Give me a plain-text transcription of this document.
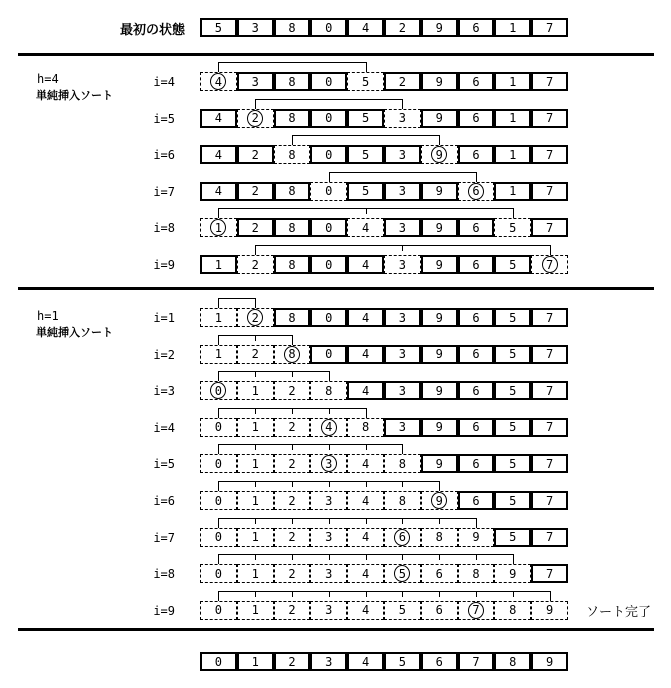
最初の状態
h=4
単純挿入ソート
h=1
単純挿入ソート
ソート完了
5	3	8	0	4	2	9	6	1	7
i=4	4	3	8	0	5	2	9	6	1	7
i=5	4	2	8	0	5	3	9	6	1	7
i=6	4	2	8	0	5	3	9	6	1	7
i=7	4	2	8	0	5	3	9	6	1	7
i=8	1	2	8	0	4	3	9	6	5	7
i=9	1	2	8	0	4	3	9	6	5	7
i=1	1	2	8	0	4	3	9	6	5	7
i=2	1	2	8	0	4	3	9	6	5	7
i=3	0	1	2	8	4	3	9	6	5	7
i=4	0	1	2	4	8	3	9	6	5	7
i=5	0	1	2	3	4	8	9	6	5	7
i=6	0	1	2	3	4	8	9	6	5	7
i=7	0	1	2	3	4	6	8	9	5	7
i=8	0	1	2	3	4	5	6	8	9	7
i=9	0	1	2	3	4	5	6	7	8	9
0	1	2	3	4	5	6	7	8	9
